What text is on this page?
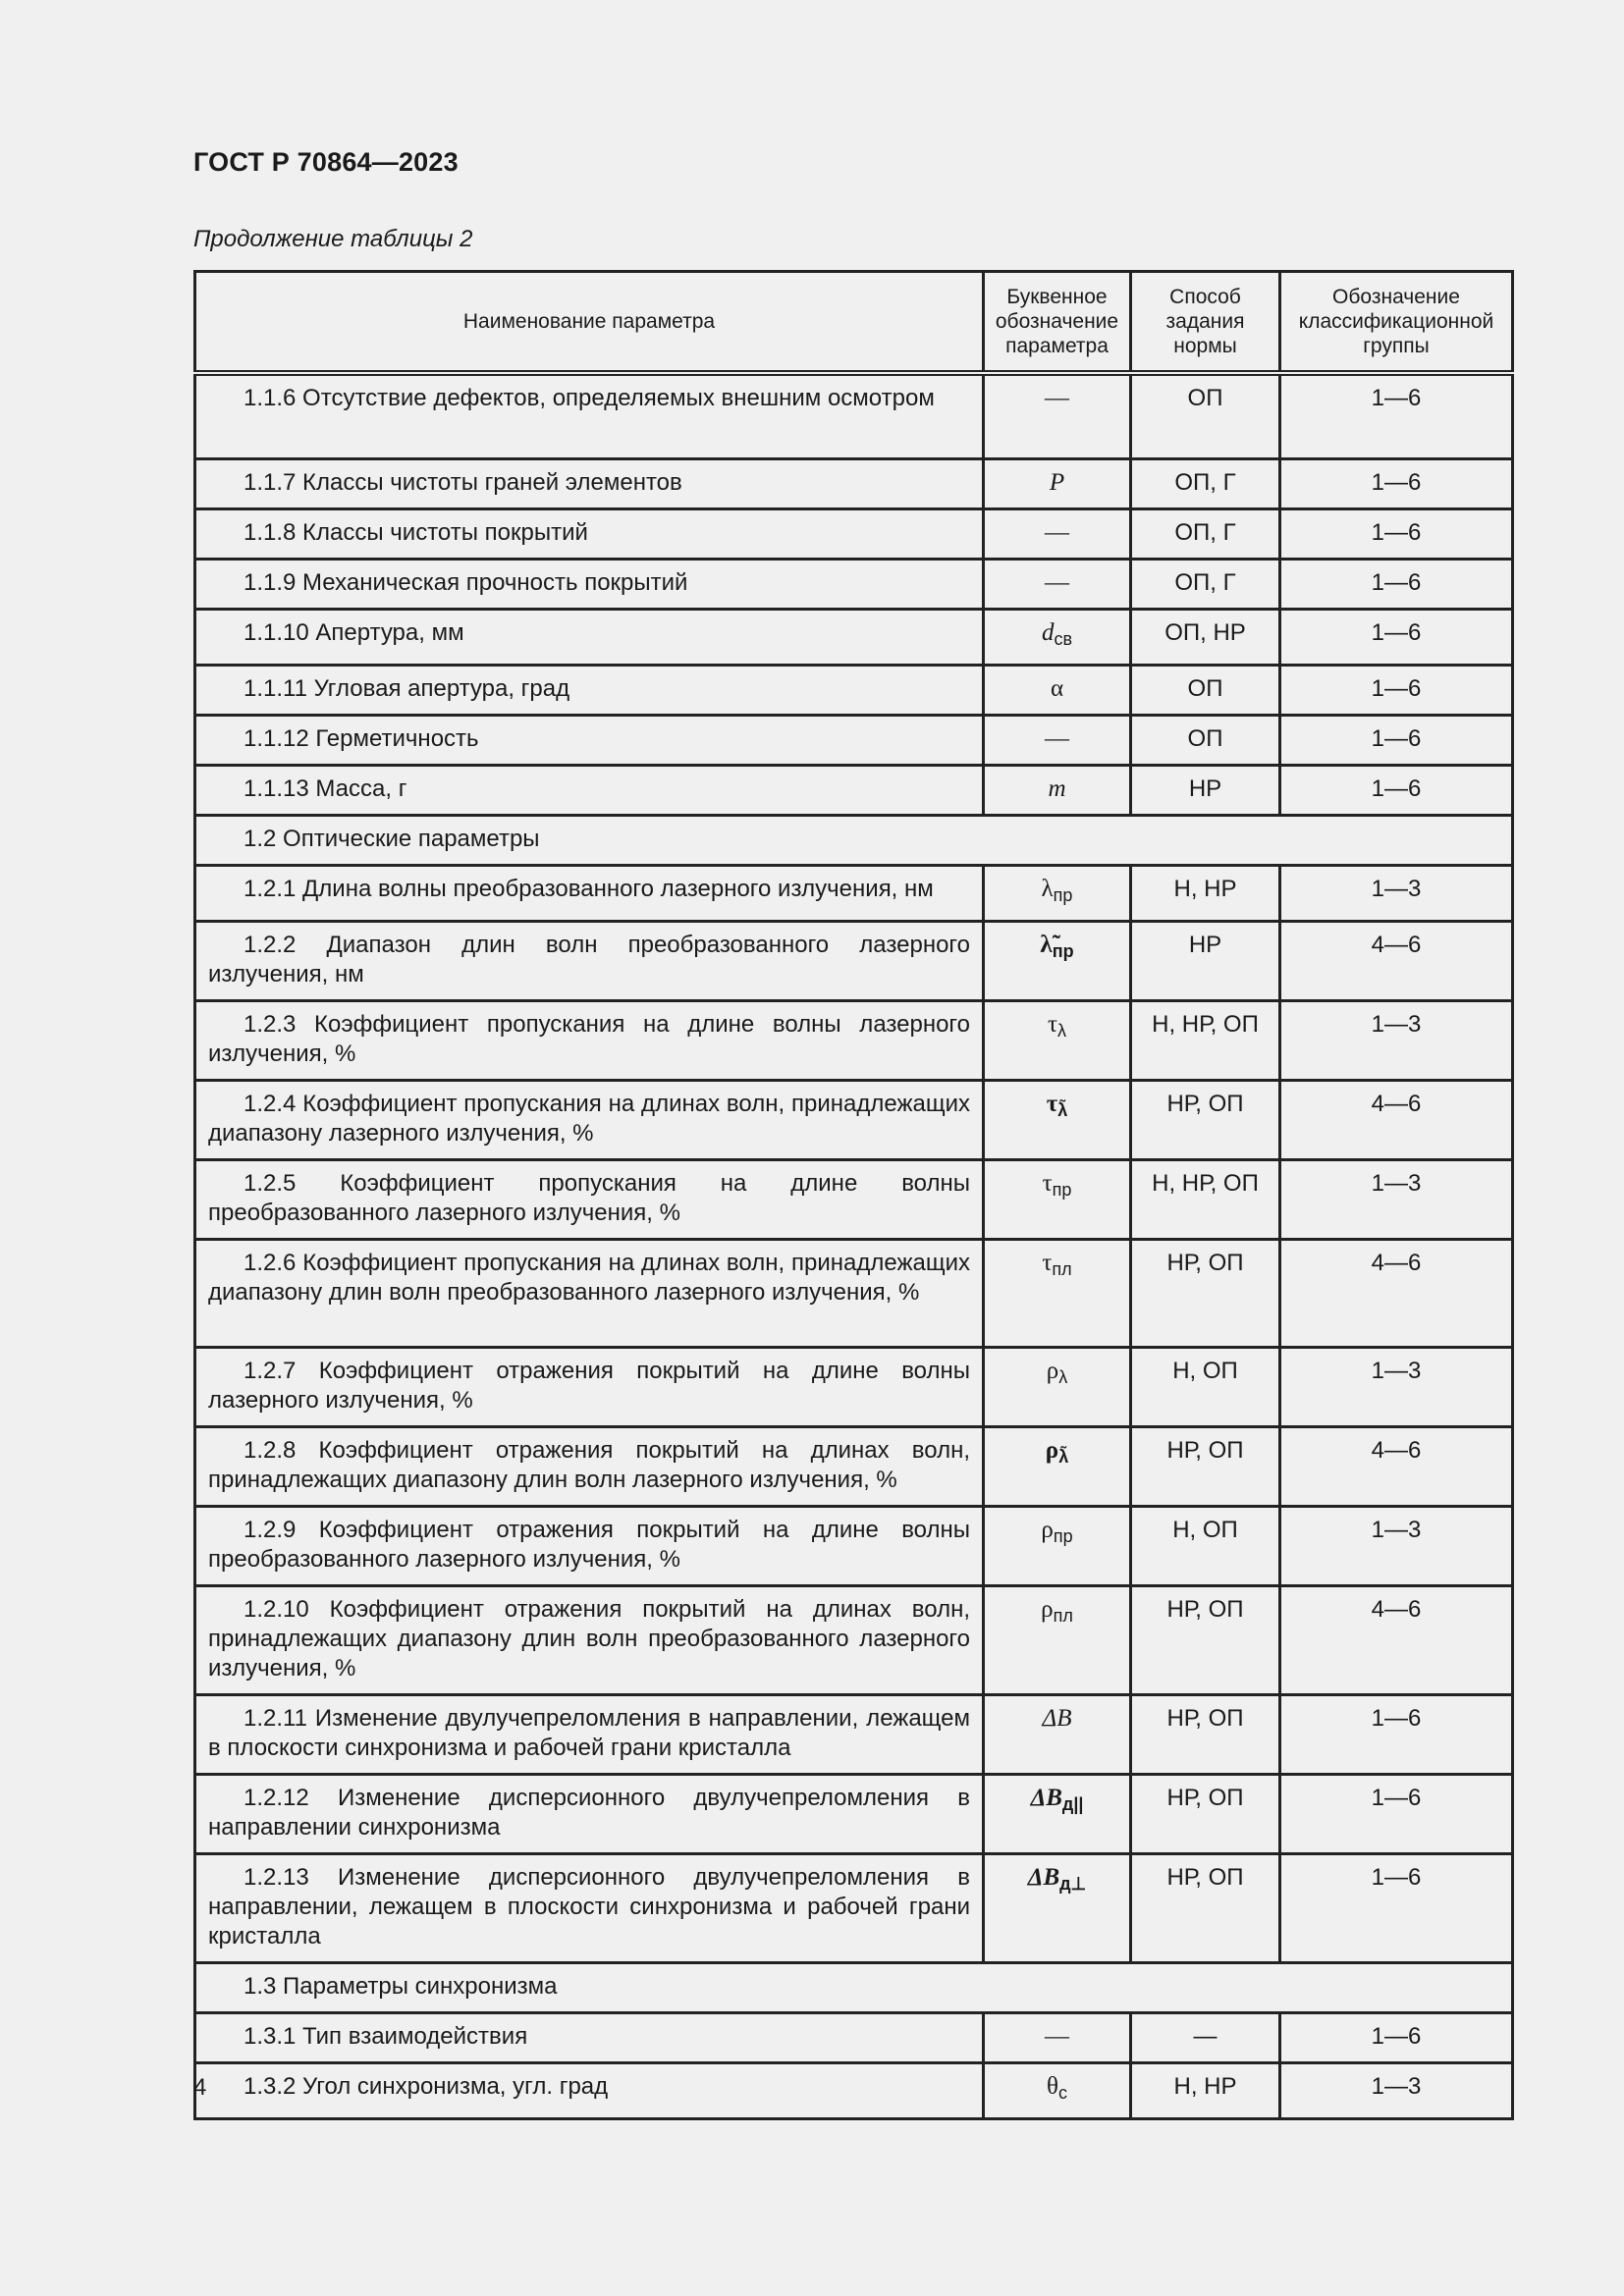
ГОСТ Р 70864—2023
Продолжение таблицы 2
Наименование параметра	Буквенное обозначение параметра	Способ задания нормы	Обозначение классификационной группы
1.1.6 Отсутствие дефектов, определяемых внешним осмотром	—	ОП	1—6
1.1.7 Классы чистоты граней элементов	P	ОП, Г	1—6
1.1.8 Классы чистоты покрытий	—	ОП, Г	1—6
1.1.9 Механическая прочность покрытий	—	ОП, Г	1—6
1.1.10 Апертура, мм	$d_{св}$	ОП, НР	1—6
1.1.11 Угловая апертура, град	α	ОП	1—6
1.1.12 Герметичность	—	ОП	1—6
1.1.13 Масса, г	m	НР	1—6
1.2 Оптические параметры			
1.2.1 Длина волны преобразованного лазерного излучения, нм	$\lambda_{пр}$	Н, НР	1—3
1.2.2 Диапазон длин волн преобразованного лазерного излучения, нм	$\lambdã_{пр}$	НР	4—6
1.2.3 Коэффициент пропускания на длине волны лазерного излучения, %	$\tau_\lambda$	Н, НР, ОП	1—3
1.2.4 Коэффициент пропускания на длинах волн, принадлежащих диапазону лазерного излучения, %	$\tau_{\lambdã}$	НР, ОП	4—6
1.2.5 Коэффициент пропускания на длине волны преобразованного лазерного излучения, %	$\tau_{пр}$	Н, НР, ОП	1—3
1.2.6 Коэффициент пропускания на длинах волн, принадлежащих диапазону длин волн преобразованного лазерного излучения, %	$\tau_{пл}$	НР, ОП	4—6
1.2.7 Коэффициент отражения покрытий на длине волны лазерного излучения, %	$\rho_\lambda$	Н, ОП	1—3
1.2.8 Коэффициент отражения покрытий на длинах волн, принадлежащих диапазону длин волн лазерного излучения, %	$\rho_{\lambdã}$	НР, ОП	4—6
1.2.9 Коэффициент отражения покрытий на длине волны преобразованного лазерного излучения, %	$\rho_{пр}$	Н, ОП	1—3
1.2.10 Коэффициент отражения покрытий на длинах волн, принадлежащих диапазону длин волн преобразованного лазерного излучения, %	$\rho_{пл}$	НР, ОП	4—6
1.2.11 Изменение двулучепреломления в направлении, лежащем в плоскости синхронизма и рабочей грани кристалла	ΔB	НР, ОП	1—6
1.2.12 Изменение дисперсионного двулучепреломления в направлении синхронизма	$\Delta B_{д||}$	НР, ОП	1—6
1.2.13 Изменение дисперсионного двулучепреломления в направлении, лежащем в плоскости синхронизма и рабочей грани кристалла	$\Delta B_{д\perp}$	НР, ОП	1—6
1.3 Параметры синхронизма			
1.3.1 Тип взаимодействия	—	—	1—6
1.3.2 Угол синхронизма, угл. град	$\theta_с$	Н, НР	1—3
4
